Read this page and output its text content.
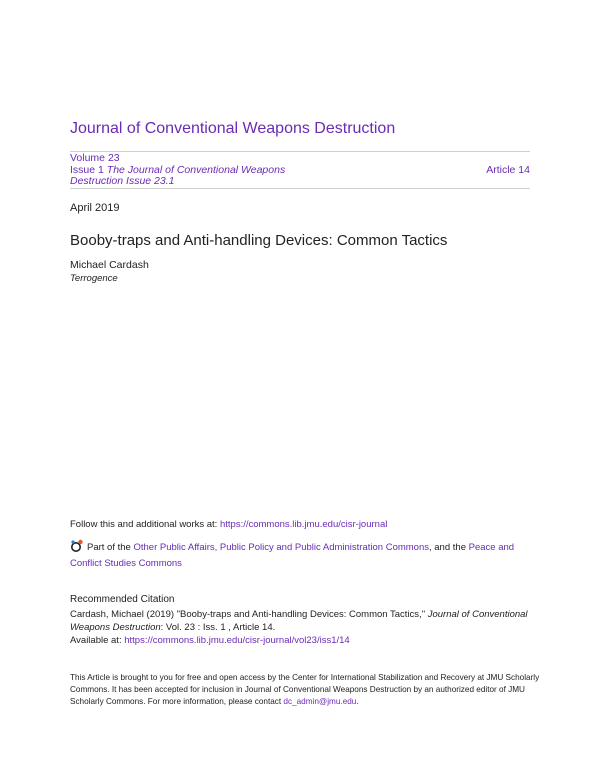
Journal of Conventional Weapons Destruction
Volume 23
Issue 1 The Journal of Conventional Weapons Destruction Issue 23.1
Article 14
April 2019
Booby-traps and Anti-handling Devices: Common Tactics
Michael Cardash
Terrogence
Follow this and additional works at: https://commons.lib.jmu.edu/cisr-journal
Part of the Other Public Affairs, Public Policy and Public Administration Commons, and the Peace and Conflict Studies Commons
Recommended Citation
Cardash, Michael (2019) "Booby-traps and Anti-handling Devices: Common Tactics," Journal of Conventional Weapons Destruction: Vol. 23 : Iss. 1 , Article 14.
Available at: https://commons.lib.jmu.edu/cisr-journal/vol23/iss1/14
This Article is brought to you for free and open access by the Center for International Stabilization and Recovery at JMU Scholarly Commons. It has been accepted for inclusion in Journal of Conventional Weapons Destruction by an authorized editor of JMU Scholarly Commons. For more information, please contact dc_admin@jmu.edu.
